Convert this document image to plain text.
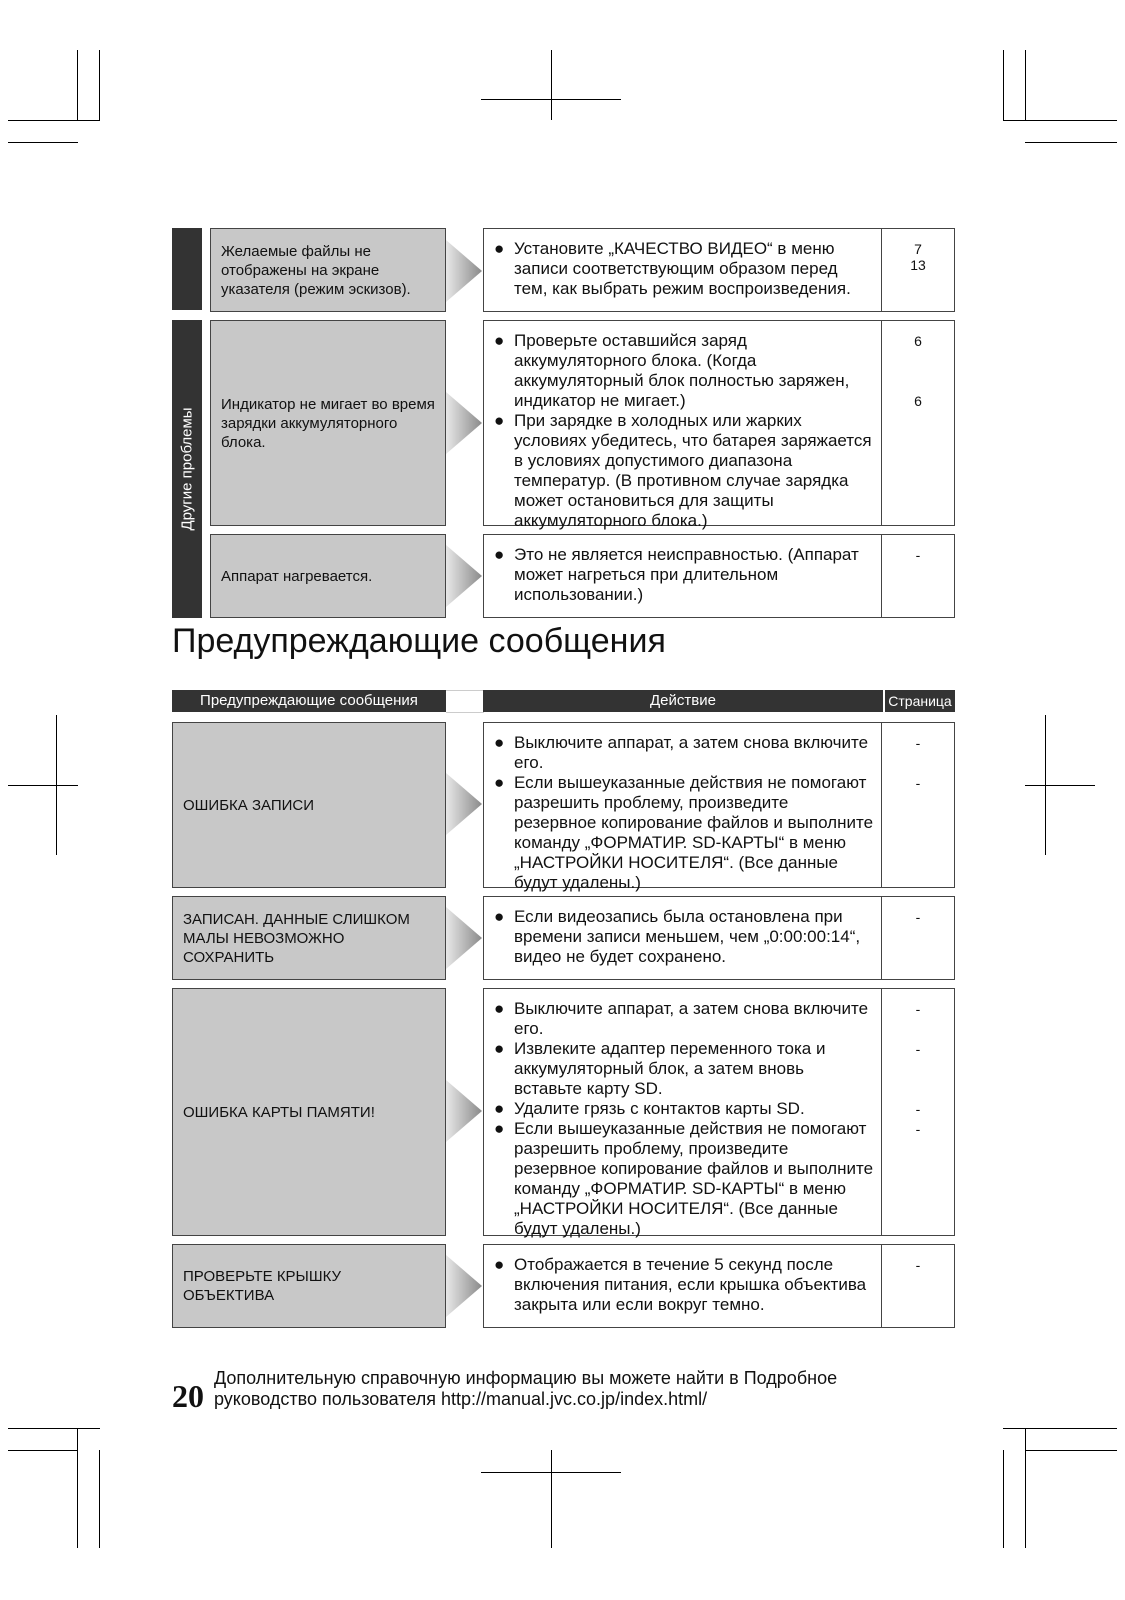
Другие проблемы
Желаемые файлы не отображены на экране указателя (режим эскизов).
● Установите „КАЧЕСТВО ВИДЕО“ в меню записи соответствующим образом перед тем, как выбрать режим воспроизведения.
7
13
Индикатор не мигает во время зарядки аккумуляторного блока.
● Проверьте оставшийся заряд аккумуляторного блока. (Когда аккумуляторный блок полностью заряжен, индикатор не мигает.)
● При зарядке в холодных или жарких условиях убедитесь, что батарея заряжается в условиях допустимого диапазона температур. (В противном случае зарядка может остановиться для защиты аккумуляторного блока.)
6
6
Аппарат нагревается.
● Это не является неисправностью. (Аппарат может нагреться при длительном использовании.)
-
Предупреждающие сообщения
Предупреждающие сообщения	Действие	Страница
ОШИБКА ЗАПИСИ
● Выключите аппарат, а затем снова включите его.
● Если вышеуказанные действия не помогают разрешить проблему, произведите резервное копирование файлов и выполните команду „ФОРМАТИР. SD-КАРТЫ“ в меню „НАСТРОЙКИ НОСИТЕЛЯ“. (Все данные будут удалены.)
-
-
ЗАПИСАН. ДАННЫЕ СЛИШКОМ МАЛЫ НЕВОЗМОЖНО СОХРАНИТЬ
● Если видеозапись была остановлена при времени записи меньшем, чем „0:00:00:14“, видео не будет сохранено.
-
ОШИБКА КАРТЫ ПАМЯТИ!
● Выключите аппарат, а затем снова включите его.
● Извлеките адаптер переменного тока и аккумуляторный блок, а затем вновь вставьте карту SD.
● Удалите грязь с контактов карты SD.
● Если вышеуказанные действия не помогают разрешить проблему, произведите резервное копирование файлов и выполните команду „ФОРМАТИР. SD-КАРТЫ“ в меню „НАСТРОЙКИ НОСИТЕЛЯ“. (Все данные будут удалены.)
-
-
-
-
ПРОВЕРЬТЕ КРЫШКУ ОБЪЕКТИВА
● Отображается в течение 5 секунд после включения питания, если крышка объектива закрыта или если вокруг темно.
-
20 Дополнительную справочную информацию вы можете найти в Подробное руководство пользователя http://manual.jvc.co.jp/index.html/
